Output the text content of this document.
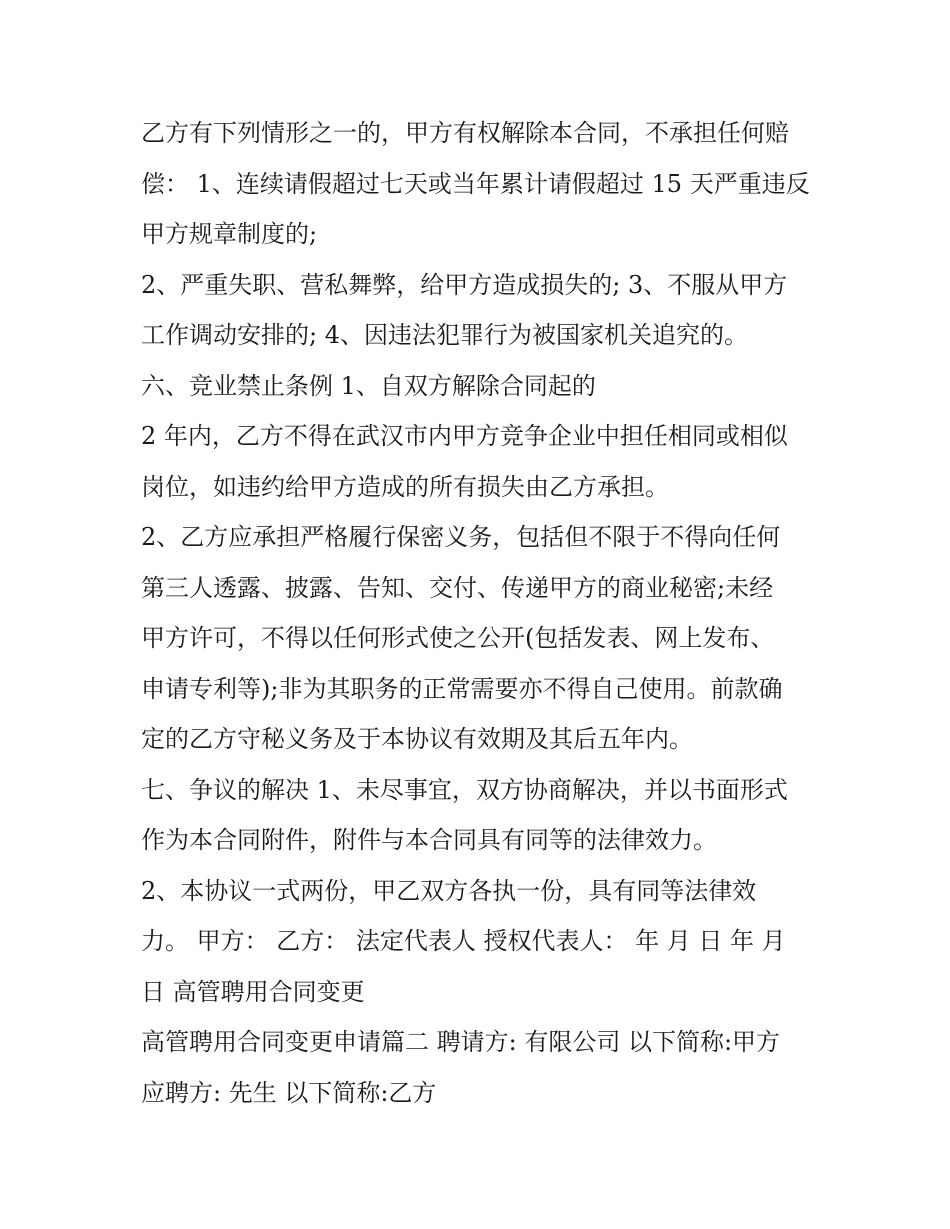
乙方有下列情形之一的，甲方有权解除本合同，不承担任何赔
偿： 1、连续请假超过七天或当年累计请假超过 15 天严重违反
甲方规章制度的;
2、严重失职、营私舞弊，给甲方造成损失的; 3、不服从甲方
工作调动安排的; 4、因违法犯罪行为被国家机关追究的。
六、竞业禁止条例 1、自双方解除合同起的
2 年内，乙方不得在武汉市内甲方竞争企业中担任相同或相似
岗位，如违约给甲方造成的所有损失由乙方承担。
2、乙方应承担严格履行保密义务，包括但不限于不得向任何
第三人透露、披露、告知、交付、传递甲方的商业秘密;未经
甲方许可，不得以任何形式使之公开(包括发表、网上发布、
申请专利等);非为其职务的正常需要亦不得自己使用。前款确
定的乙方守秘义务及于本协议有效期及其后五年内。
七、争议的解决 1、未尽事宜，双方协商解决，并以书面形式
作为本合同附件，附件与本合同具有同等的法律效力。
2、本协议一式两份，甲乙双方各执一份，具有同等法律效
力。 甲方： 乙方： 法定代表人 授权代表人： 年 月 日 年 月
日 高管聘用合同变更
高管聘用合同变更申请篇二 聘请方: 有限公司 以下简称:甲方
应聘方: 先生 以下简称:乙方
